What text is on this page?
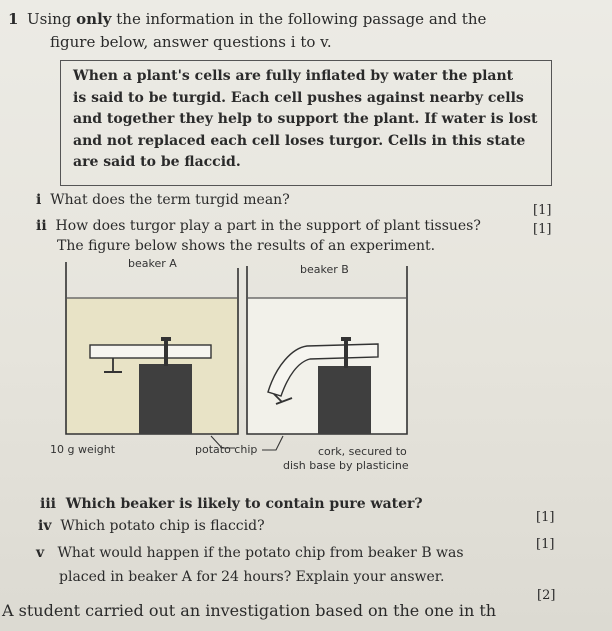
1 Using only the information in the following passage and the
figure below, answer questions i to v.
When a plant's cells are fully inflated by water the plant
is said to be turgid. Each cell pushes against nearby cells
and together they help to support the plant. If water is lost
and not replaced each cell loses turgor. Cells in this state
are said to be flaccid.
i What does the term turgid mean?
[1]
ii How does turgor play a part in the support of plant tissues?	[1]
The figure below shows the results of an experiment.
beaker A	beaker B
10 g weight	potato chip	cork, secured to
dish base by plasticine
iii Which beaker is likely to contain pure water?
[1]
iv Which potato chip is flaccid?
[1]
v What would happen if the potato chip from beaker B was
placed in beaker A for 24 hours? Explain your answer.
[2]
A student carried out an investigation based on the one in th
